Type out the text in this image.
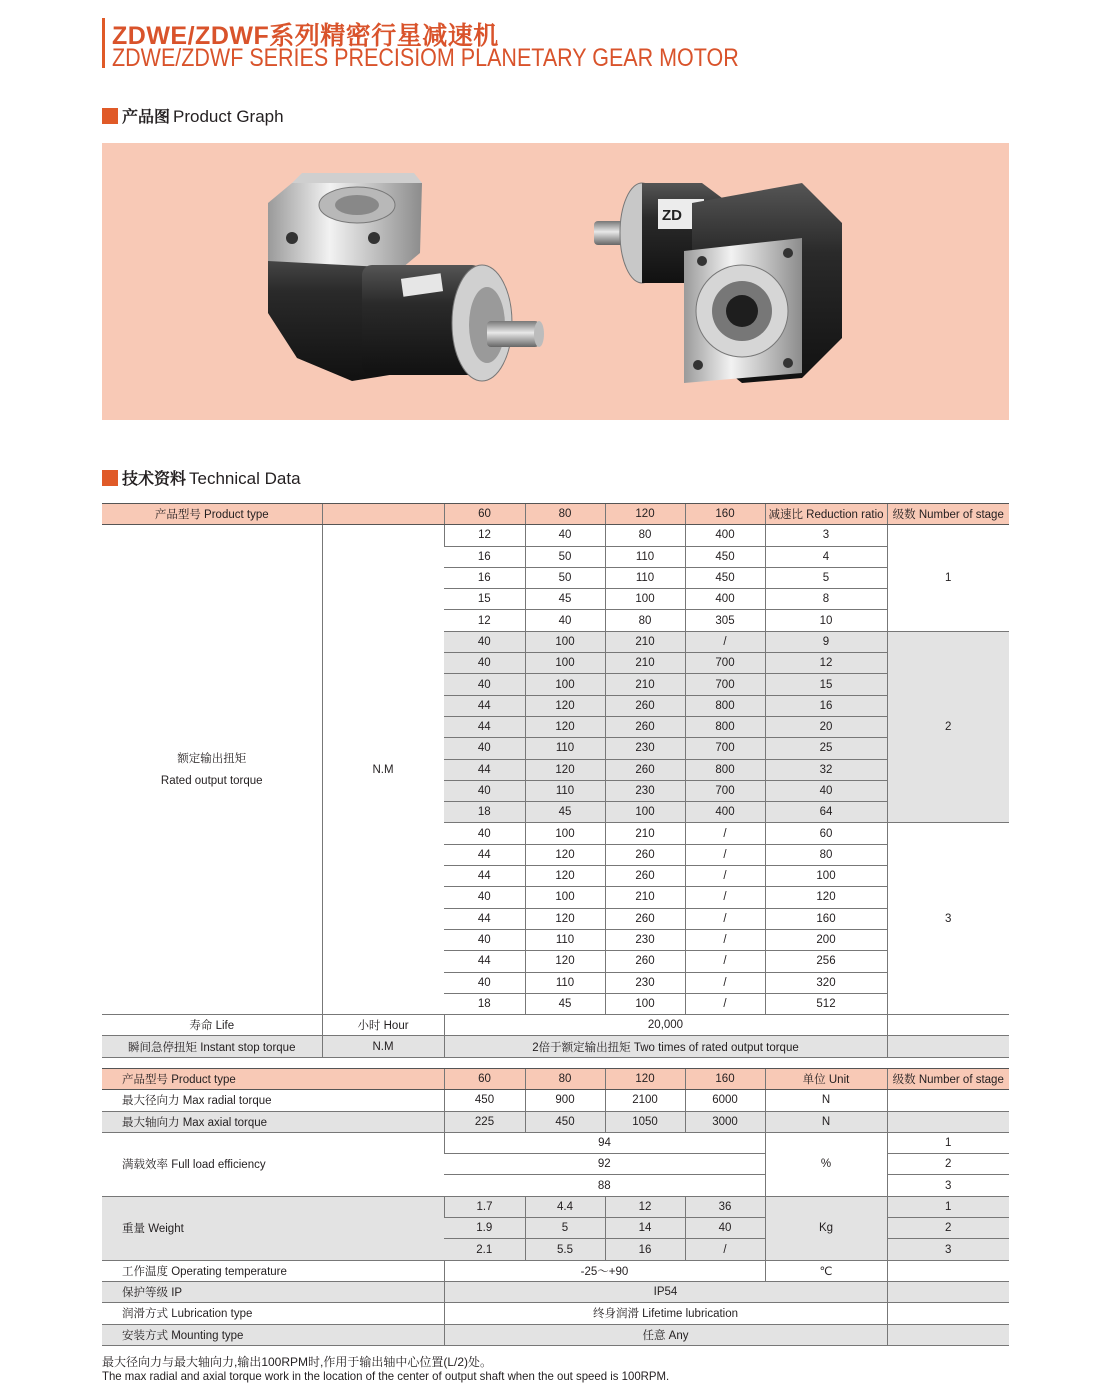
ZDWE/ZDWF系列精密行星减速机
ZDWE/ZDWF SERIES PRECISIOM PLANETARY GEAR MOTOR
产品图 Product Graph
ZD
技术资料 Technical Data
产品型号 Product type		60	80	120	160	减速比 Reduction ratio	级数 Number of stage

额定输出扭矩
Rated output torque	N.M	12	40	80	400	3	1
		16	50	110	450	4	
		16	50	110	450	5	
		15	45	100	400	8	
		12	40	80	305	10	
		40	100	210	/	9	2
		40	100	210	700	12	
		40	100	210	700	15	
		44	120	260	800	16	
		44	120	260	800	20	
		40	110	230	700	25	
		44	120	260	800	32	
		40	110	230	700	40	
		18	45	100	400	64	
		40	100	210	/	60	3
		44	120	260	/	80	
		44	120	260	/	100	
		40	100	210	/	120	
		44	120	260	/	160	
		40	110	230	/	200	
		44	120	260	/	256	
		40	110	230	/	320	
		18	45	100	/	512	
寿命 Life	小时 Hour	20,000					
瞬间急停扭矩 Instant stop torque	N.M	2倍于额定输出扭矩 Two times of rated output torque					
产品型号 Product type	60	80	120	160	单位 Unit	级数 Number of stage
最大径向力 Max radial torque	450	900	2100	6000	N	
最大轴向力 Max axial torque	225	450	1050	3000	N	
满载效率 Full load efficiency	94				%	1
	92					2
	88					3
重量 Weight	1.7	4.4	12	36	Kg	1
	1.9	5	14	40		2
	2.1	5.5	16	/		3
工作温度 Operating temperature	-25～+90				℃	
保护等级 IP	IP54					
润滑方式 Lubrication type	终身润滑 Lifetime lubrication					
安装方式 Mounting type	任意 Any					
最大径向力与最大轴向力,输出100RPM时,作用于输出轴中心位置(L/2)处。
The max radial and axial torque work in the location of the center of output shaft when the out speed is 100RPM.
